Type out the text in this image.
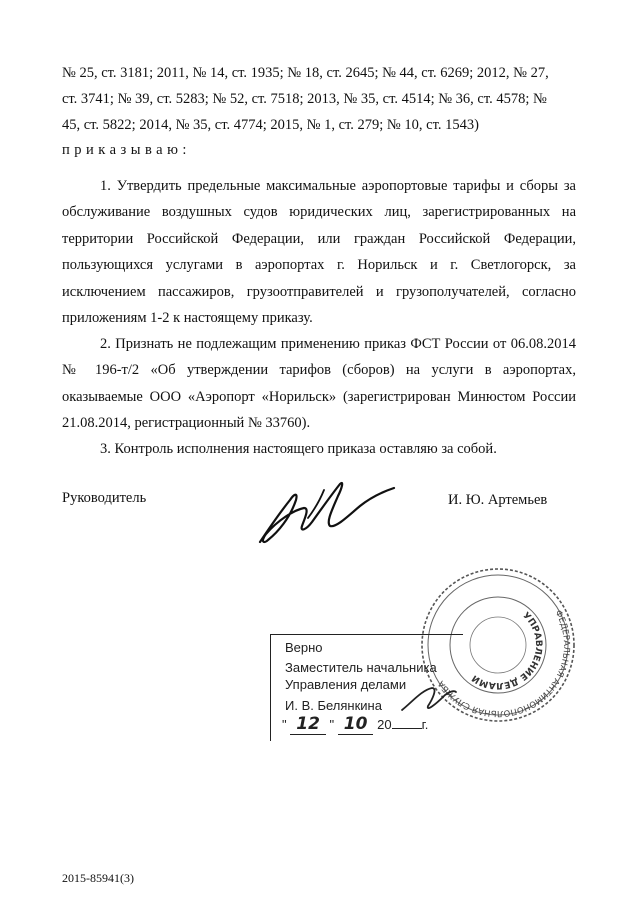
№ 25, ст. 3181; 2011, № 14, ст. 1935; № 18, ст. 2645; № 44, ст. 6269; 2012, № 27,

ст. 3741; № 39, ст. 5283; № 52, ст. 7518; 2013, № 35, ст. 4514; № 36, ст. 4578; №

45, ст. 5822; 2014, № 35, ст. 4774; 2015, № 1, ст. 279; № 10, ст. 1543)

приказываю:

1. Утвердить предельные максимальные аэропортовые тарифы и сборы за обслуживание воздушных судов юридических лиц, зарегистрированных на территории Российской Федерации, или граждан Российской Федерации, пользующихся услугами в аэропортах г. Норильск и г. Светлогорск, за исключением пассажиров, грузоотправителей и грузополучателей, согласно приложениям 1-2 к настоящему приказу.

2. Признать не подлежащим применению приказ ФСТ России от 06.08.2014 № 196-т/2 «Об утверждении тарифов (сборов) на услуги в аэропортах, оказываемые ООО «Аэропорт «Норильск» (зарегистрирован Минюстом России 21.08.2014, регистрационный № 33760).

3. Контроль исполнения настоящего приказа оставляю за собой.

Руководитель	И. Ю. Артемьев
ФЕДЕРАЛЬНАЯ АНТИМОНОПОЛЬНАЯ СЛУЖБА
УПРАВЛЕНИЕ ДЕЛАМИ
Верно
Заместитель начальника
Управления делами
И. В. Белянкина
" 12 " 10 20 г.
2015-85941(3)
